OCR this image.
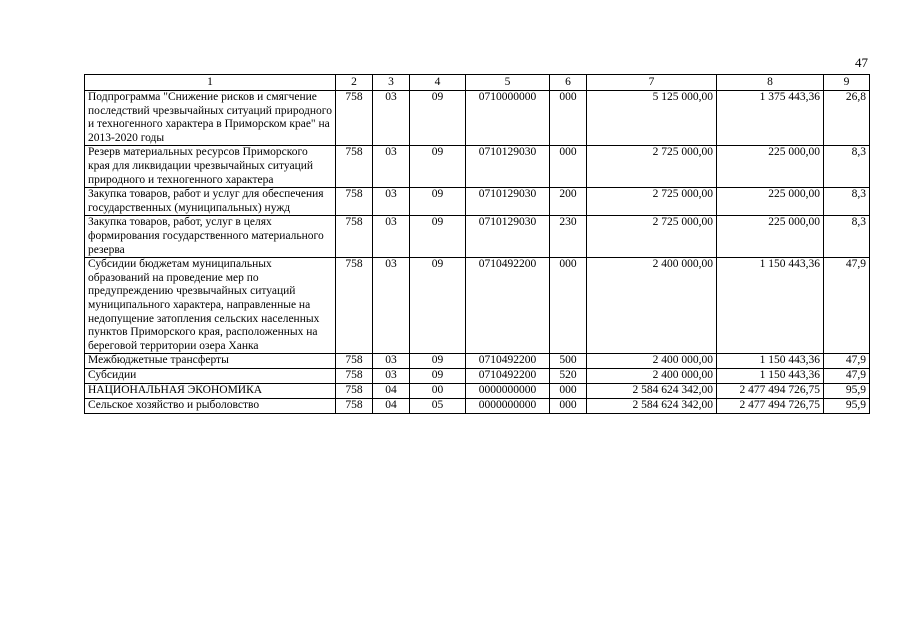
47
1	2	3	4	5	6	7	8	9
Подпрограмма "Снижение рисков и смягчение последствий чрезвычайных ситуаций природного и техногенного характера в Приморском крае" на 2013-2020 годы	758	03	09	0710000000	000	5 125 000,00	1 375 443,36	26,8

Резерв материальных ресурсов Приморского края для ликвидации чрезвычайных ситуаций природного и техногенного характера	758	03	09	0710129030	000	2 725 000,00	225 000,00	8,3

Закупка товаров, работ и услуг для обеспечения государственных (муниципальных) нужд	758	03	09	0710129030	200	2 725 000,00	225 000,00	8,3

Закупка товаров, работ, услуг в целях формирования государственного материального резерва	758	03	09	0710129030	230	2 725 000,00	225 000,00	8,3

Субсидии бюджетам муниципальных образований на проведение мер по предупреждению чрезвычайных ситуаций муниципального характера, направленные на недопущение затопления сельских населенных пунктов Приморского края, расположенных на береговой территории озера Ханка	758	03	09	0710492200	000	2 400 000,00	1 150 443,36	47,9

Межбюджетные трансферты	758	03	09	0710492200	500	2 400 000,00	1 150 443,36	47,9

Субсидии	758	03	09	0710492200	520	2 400 000,00	1 150 443,36	47,9

НАЦИОНАЛЬНАЯ ЭКОНОМИКА	758	04	00	0000000000	000	2 584 624 342,00	2 477 494 726,75	95,9

Сельское хозяйство и рыболовство	758	04	05	0000000000	000	2 584 624 342,00	2 477 494 726,75	95,9
